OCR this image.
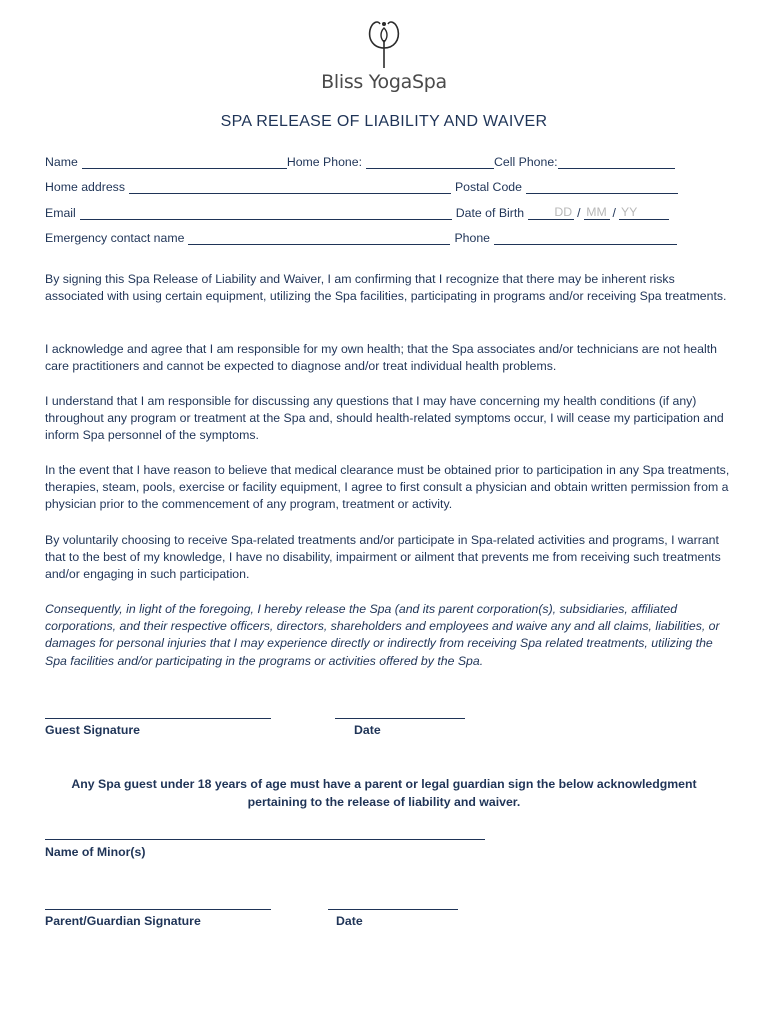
Bliss YogaSpa
SPA RELEASE OF LIABILITY AND WAIVER
Name	Home Phone:	Cell Phone:
Home address	Postal Code
Email	Date of Birth	DD / MM / YY
Emergency contact name	Phone
By signing this Spa Release of Liability and Waiver, I am confirming that I recognize that there may be inherent risks associated with using certain equipment, utilizing the Spa facilities, participating in programs and/or receiving Spa treatments.
I acknowledge and agree that I am responsible for my own health; that the Spa associates and/or technicians are not health care practitioners and cannot be expected to diagnose and/or treat individual health problems.
I understand that I am responsible for discussing any questions that I may have concerning my health conditions (if any) throughout any program or treatment at the Spa and, should health-related symptoms occur, I will cease my participation and inform Spa personnel of the symptoms.
In the event that I have reason to believe that medical clearance must be obtained prior to participation in any Spa treatments, therapies, steam, pools, exercise or facility equipment, I agree to first consult a physician and obtain written permission from a physician prior to the commencement of any program, treatment or activity.
By voluntarily choosing to receive Spa-related treatments and/or participate in Spa-related activities and programs, I warrant that to the best of my knowledge, I have no disability, impairment or ailment that prevents me from receiving such treatments and/or engaging in such participation.
Consequently, in light of the foregoing, I hereby release the Spa (and its parent corporation(s), subsidiaries, affiliated corporations, and their respective officers, directors, shareholders and employees and waive any and all claims, liabilities, or damages for personal injuries that I may experience directly or indirectly from receiving Spa related treatments, utilizing the Spa facilities and/or participating in the programs or activities offered by the Spa.
Guest Signature	Date
Any Spa guest under 18 years of age must have a parent or legal guardian sign the below acknowledgment pertaining to the release of liability and waiver.
Name of Minor(s)
Parent/Guardian Signature	Date
